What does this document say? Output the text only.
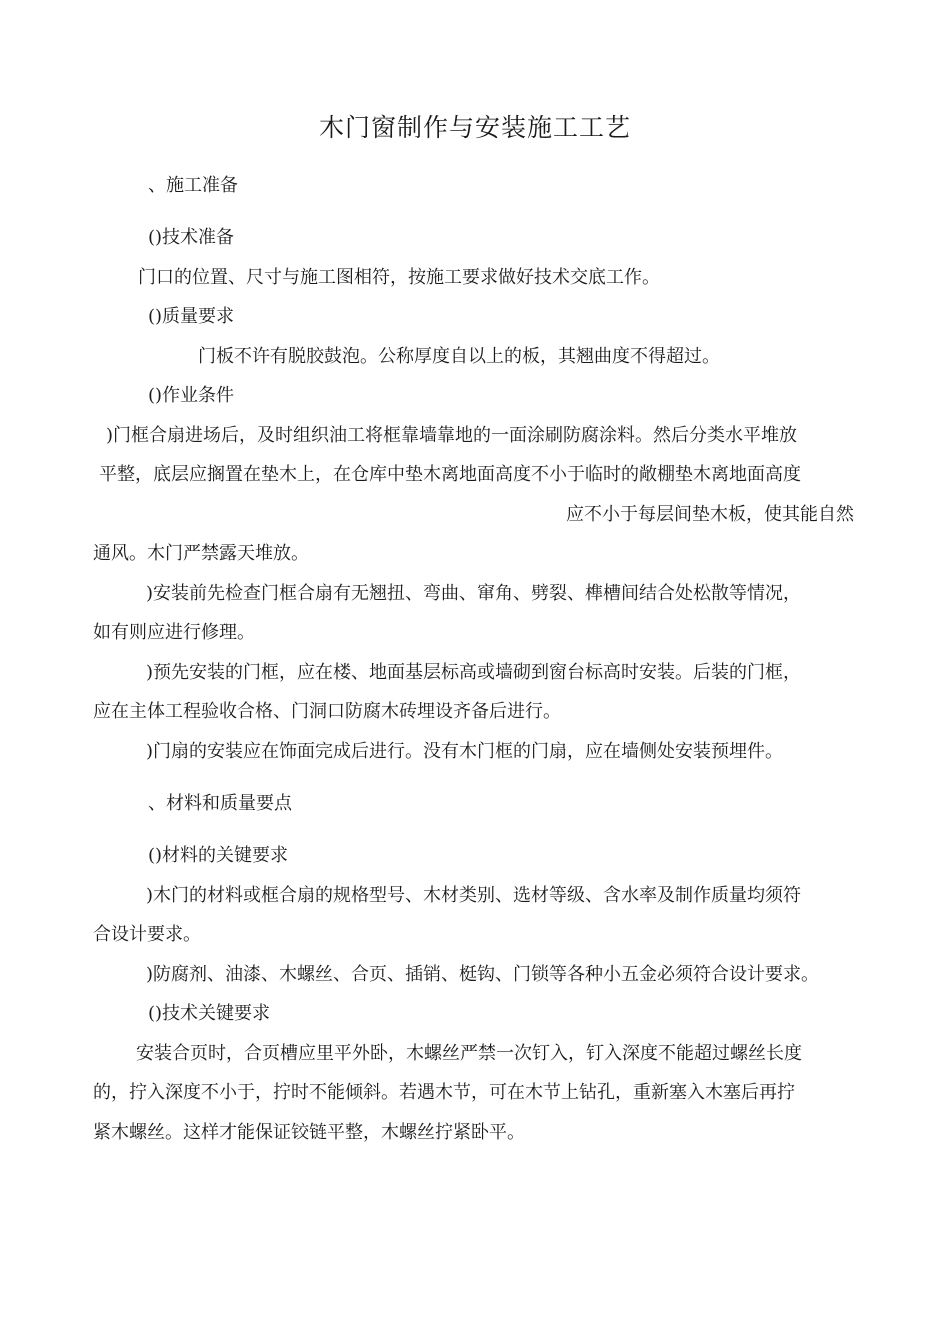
木门窗制作与安装施工工艺

、施工准备

()技术准备

门口的位置、尺寸与施工图相符，按施工要求做好技术交底工作。

()质量要求

门板不许有脱胶鼓泡。公称厚度自以上的板，其翘曲度不得超过。

()作业条件

)门框合扇进场后，及时组织油工将框靠墙靠地的一面涂刷防腐涂料。然后分类水平堆放

平整，底层应搁置在垫木上，在仓库中垫木离地面高度不小于临时的敞棚垫木离地面高度

应不小于每层间垫木板，使其能自然

通风。木门严禁露天堆放。

)安装前先检查门框合扇有无翘扭、弯曲、窜角、劈裂、榫槽间结合处松散等情况，

如有则应进行修理。

)预先安装的门框，应在楼、地面基层标高或墙砌到窗台标高时安装。后装的门框，

应在主体工程验收合格、门洞口防腐木砖埋设齐备后进行。

)门扇的安装应在饰面完成后进行。没有木门框的门扇，应在墙侧处安装预埋件。

、材料和质量要点

()材料的关键要求

)木门的材料或框合扇的规格型号、木材类别、选材等级、含水率及制作质量均须符

合设计要求。

)防腐剂、油漆、木螺丝、合页、插销、梃钩、门锁等各种小五金必须符合设计要求。

()技术关键要求

安装合页时，合页槽应里平外卧，木螺丝严禁一次钉入，钉入深度不能超过螺丝长度

的，拧入深度不小于，拧时不能倾斜。若遇木节，可在木节上钻孔，重新塞入木塞后再拧

紧木螺丝。这样才能保证铰链平整，木螺丝拧紧卧平。
